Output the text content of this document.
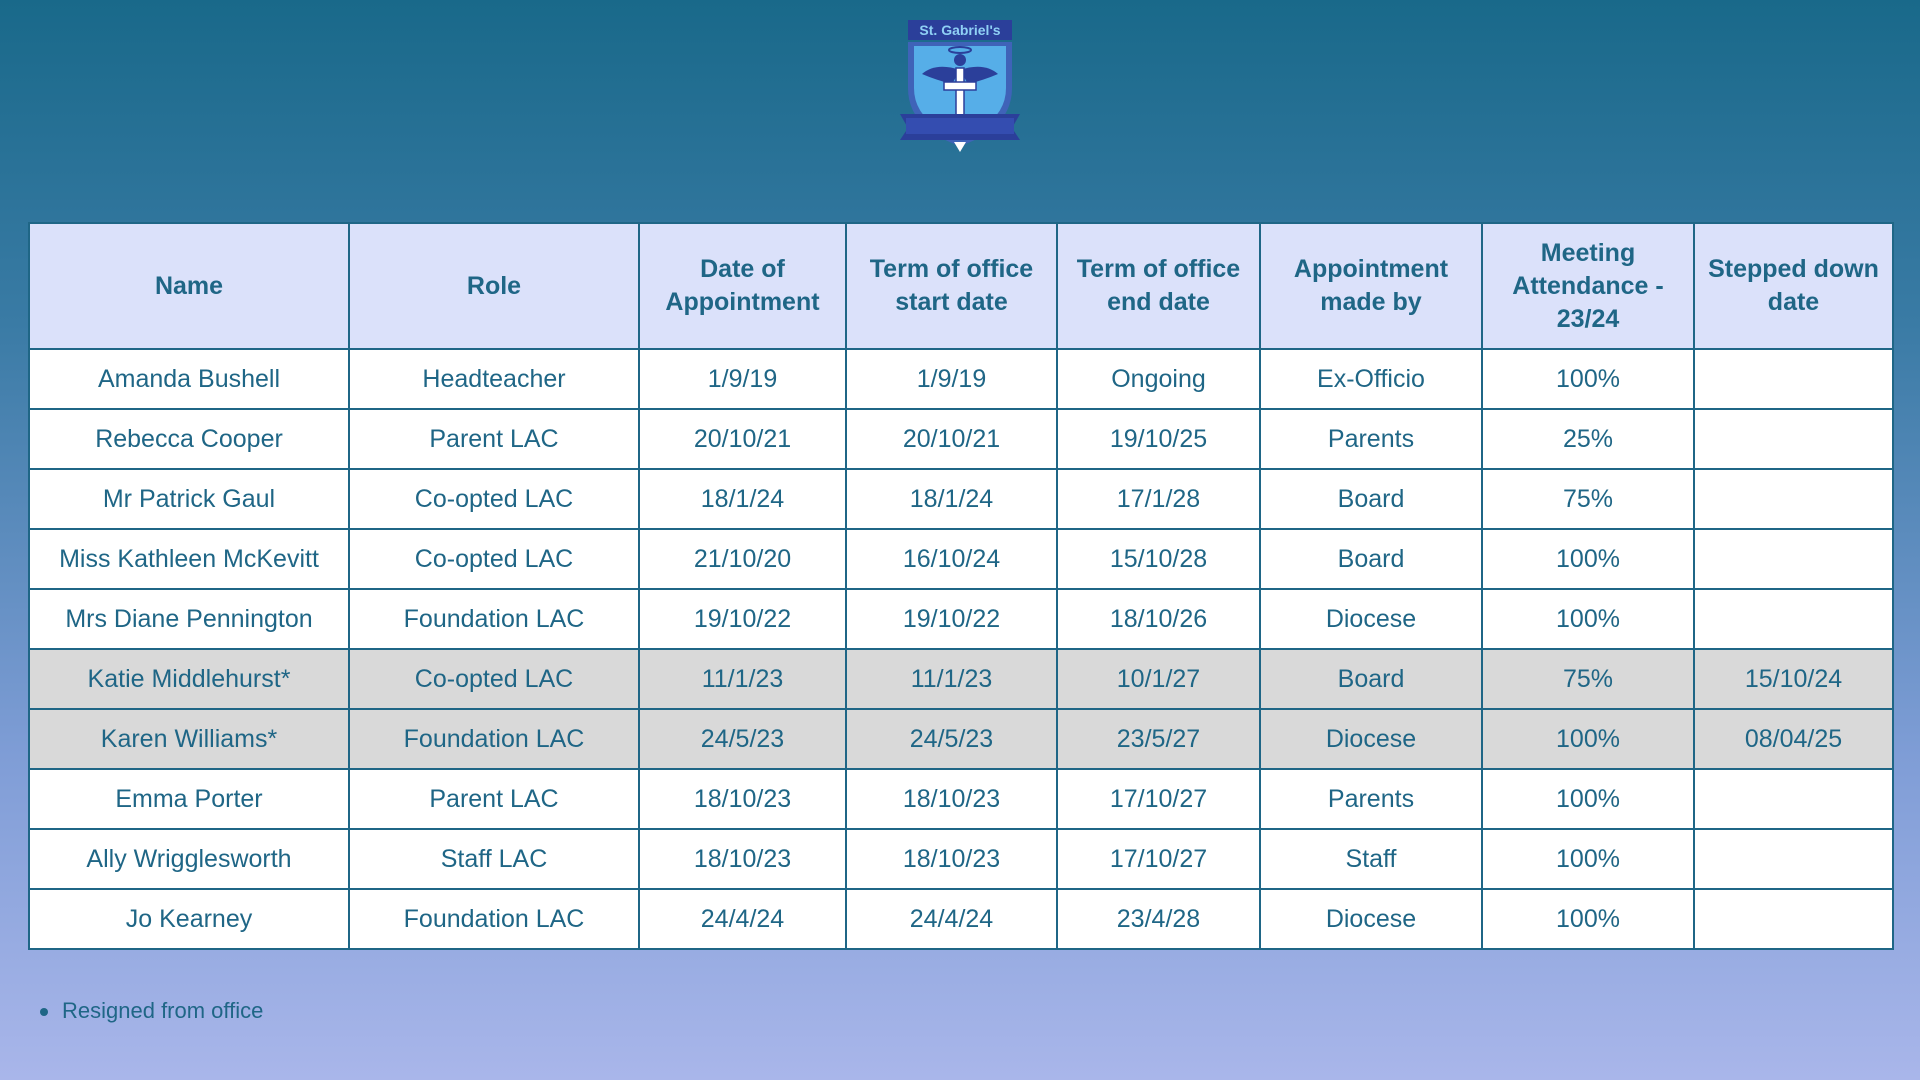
St. Gabriel's
Name	Role	Date of Appointment	Term of office start date	Term of office end date	Appointment made by	Meeting Attendance - 23/24	Stepped down date
Amanda Bushell	Headteacher	1/9/19	1/9/19	Ongoing	Ex-Officio	100%	
Rebecca Cooper	Parent LAC	20/10/21	20/10/21	19/10/25	Parents	25%	
Mr Patrick Gaul	Co-opted LAC	18/1/24	18/1/24	17/1/28	Board	75%	
Miss Kathleen McKevitt	Co-opted LAC	21/10/20	16/10/24	15/10/28	Board	100%	
Mrs Diane Pennington	Foundation LAC	19/10/22	19/10/22	18/10/26	Diocese	100%	
Katie Middlehurst*	Co-opted LAC	11/1/23	11/1/23	10/1/27	Board	75%	15/10/24
Karen Williams*	Foundation LAC	24/5/23	24/5/23	23/5/27	Diocese	100%	08/04/25
Emma Porter	Parent LAC	18/10/23	18/10/23	17/10/27	Parents	100%	
Ally Wrigglesworth	Staff LAC	18/10/23	18/10/23	17/10/27	Staff	100%	
Jo Kearney	Foundation LAC	24/4/24	24/4/24	23/4/28	Diocese	100%	
Resigned from office
